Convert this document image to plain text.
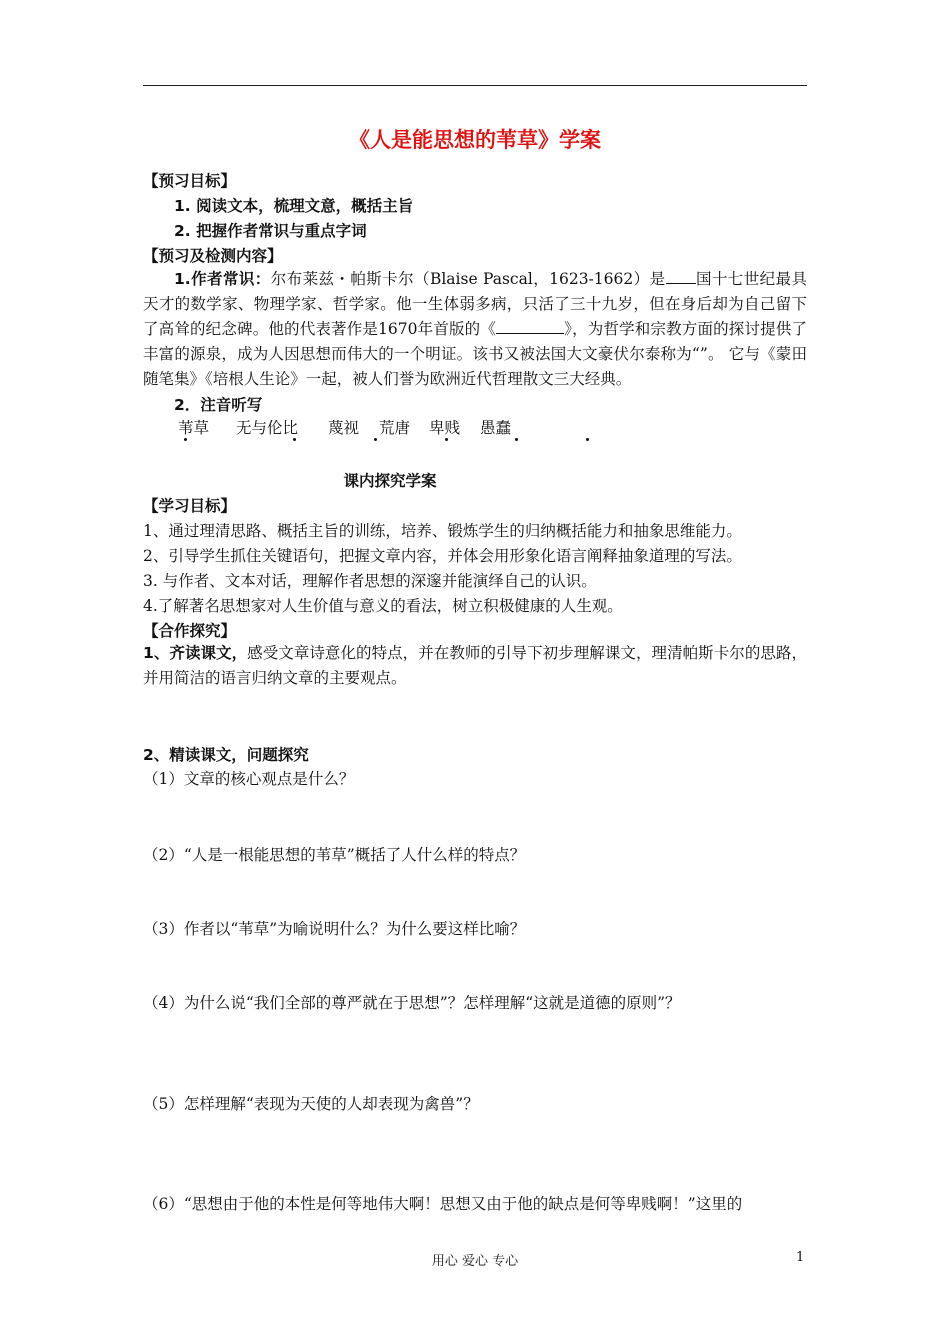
《人是能思想的苇草》学案
【预习目标】
1. 阅读文本，梳理文意，概括主旨
2. 把握作者常识与重点字词
【预习及检测内容】
1.作者常识：尔布莱兹・帕斯卡尔（Blaise Pascal，1623-1662）是 国十七世纪最具天才的数学家、物理学家、哲学家。他一生体弱多病，只活了三十九岁，但在身后却为自己留下了高耸的纪念碑。他的代表著作是1670年首版的《	》，为哲学和宗教方面的探讨提供了丰富的源泉，成为人因思想而伟大的一个明证。该书又被法国大文豪伏尔泰称为“”。 它与《蒙田随笔集》《培根人生论》一起，被人们誉为欧洲近代哲理散文三大经典。
2．注音听写
苇草 无与伦比 蔑视 荒唐 卑贱 愚蠢

课内探究学案
【学习目标】
1、通过理清思路、概括主旨的训练，培养、锻炼学生的归纳概括能力和抽象思维能力。
2、引导学生抓住关键语句，把握文章内容，并体会用形象化语言阐释抽象道理的写法。
3. 与作者、文本对话，理解作者思想的深邃并能演绎自己的认识。
4.了解著名思想家对人生价值与意义的看法，树立积极健康的人生观。
【合作探究】
1、齐读课文，感受文章诗意化的特点，并在教师的引导下初步理解课文，理清帕斯卡尔的思路，并用简洁的语言归纳文章的主要观点。
2、精读课文，问题探究
（1）文章的核心观点是什么？
（2）“人是一根能思想的苇草”概括了人什么样的特点？
（3）作者以“苇草”为喻说明什么？为什么要这样比喻？
（4）为什么说“我们全部的尊严就在于思想”？怎样理解“这就是道德的原则”？
（5）怎样理解“表现为天使的人却表现为禽兽”？
（6）“思想由于他的本性是何等地伟大啊！思想又由于他的缺点是何等卑贱啊！”这里的
用心 爱心 专心	1
